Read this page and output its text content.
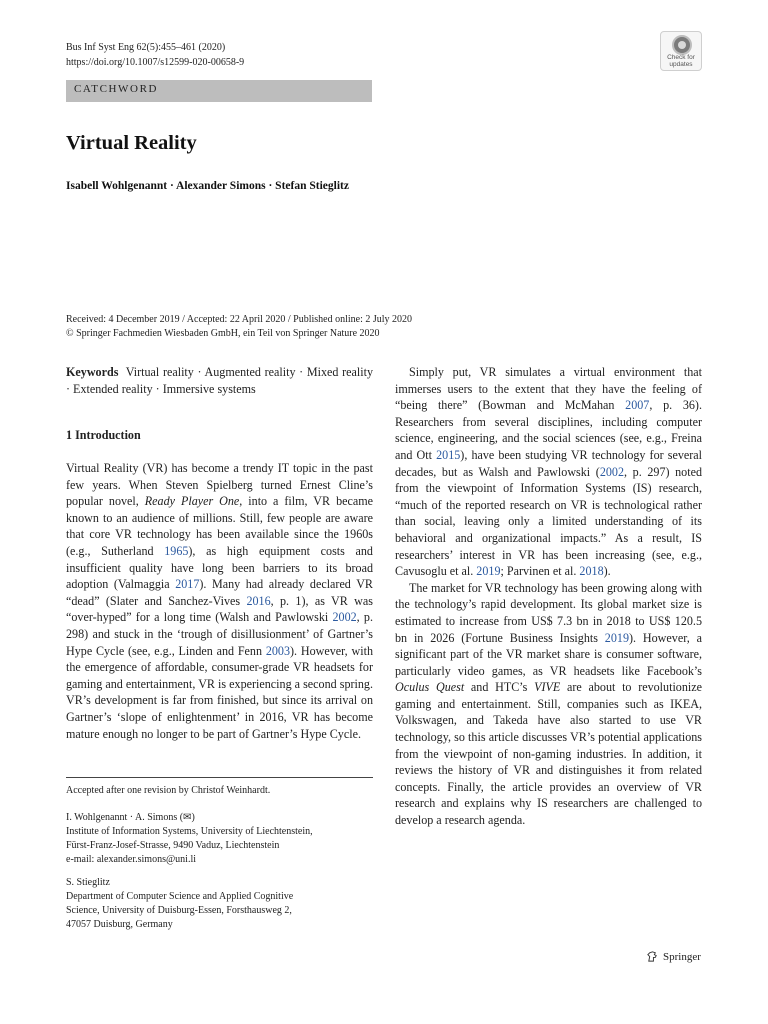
Bus Inf Syst Eng 62(5):455–461 (2020)
https://doi.org/10.1007/s12599-020-00658-9	Check for updates
CATCHWORD
Virtual Reality
Isabell Wohlgenannt · Alexander Simons · Stefan Stieglitz
Received: 4 December 2019 / Accepted: 22 April 2020 / Published online: 2 July 2020
© Springer Fachmedien Wiesbaden GmbH, ein Teil von Springer Nature 2020
Keywords Virtual reality · Augmented reality · Mixed reality · Extended reality · Immersive systems
1 Introduction

Virtual Reality (VR) has become a trendy IT topic in the past few years. When Steven Spielberg turned Ernest Cline’s popular novel, Ready Player One, into a film, VR became known to an audience of millions. Still, few people are aware that core VR technology has been available since the 1960s (e.g., Sutherland 1965), as high equipment costs and insufficient quality have long been barriers to its broad adoption (Valmaggia 2017). Many had already declared VR “dead” (Slater and Sanchez-Vives 2016, p. 1), as VR was “over-hyped” for a long time (Walsh and Pawlowski 2002, p. 298) and stuck in the ‘trough of disillusionment’ of Gartner’s Hype Cycle (see, e.g., Linden and Fenn 2003). However, with the emergence of affordable, consumer-grade VR headsets for gaming and entertainment, VR is experiencing a second spring. VR’s development is far from finished, but since its arrival on Gartner’s ‘slope of enlightenment’ in 2016, VR has become mature enough no longer to be part of Gartner’s Hype Cycle.

Accepted after one revision by Christof Weinhardt.
I. Wohlgenannt · A. Simons (✉)
Institute of Information Systems, University of Liechtenstein,
Fürst-Franz-Josef-Strasse, 9490 Vaduz, Liechtenstein
e-mail: alexander.simons@uni.li
S. Stieglitz
Department of Computer Science and Applied Cognitive
Science, University of Duisburg-Essen, Forsthausweg 2,
47057 Duisburg, Germany

Simply put, VR simulates a virtual environment that immerses users to the extent that they have the feeling of “being there” (Bowman and McMahan 2007, p. 36). Researchers from several disciplines, including computer science, engineering, and the social sciences (see, e.g., Freina and Ott 2015), have been studying VR technology for several decades, but as Walsh and Pawlowski (2002, p. 297) noted from the viewpoint of Information Systems (IS) research, “much of the reported research on VR is technological rather than social, leaving only a limited understanding of its behavioral and organizational impacts.” As a result, IS researchers’ interest in VR has been increasing (see, e.g., Cavusoglu et al. 2019; Parvinen et al. 2018).

The market for VR technology has been growing along with the technology’s rapid development. Its global market size is estimated to increase from US$ 7.3 bn in 2018 to US$ 120.5 bn in 2026 (Fortune Business Insights 2019). However, a significant part of the VR market share is consumer software, particularly video games, as VR headsets like Facebook’s Oculus Quest and HTC’s VIVE are about to revolutionize gaming and entertainment. Still, companies such as IKEA, Volkswagen, and Takeda have also started to use VR technology, so this article discusses VR’s potential applications from the viewpoint of non-gaming industries. In addition, it reviews the history of VR and distinguishes it from related concepts. Finally, the article provides an overview of VR research and explains why IS researchers are challenged to develop a research agenda.

Springer
